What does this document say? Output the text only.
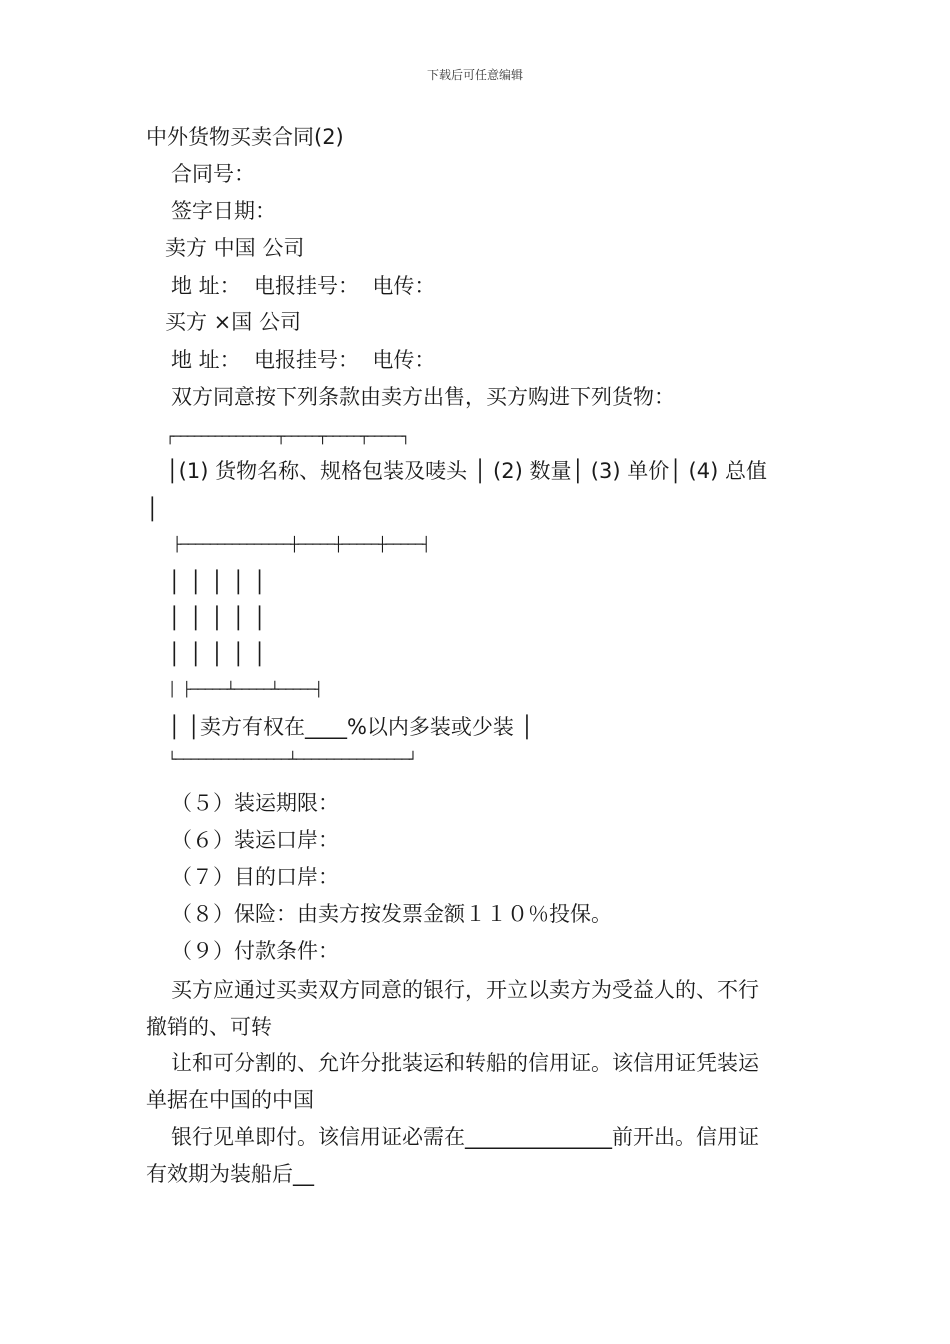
下载后可任意编辑
中外货物买卖合同(2)
合同号：
签字日期：
卖方 中国 公司
地 址：  电报挂号：  电传：
买方 ×国 公司
地 址：  电报挂号：  电传：
双方同意按下列条款由卖方出售，买方购进下列货物：
┌───────────────┬─────┬─────┬─────┐
│(1) 货物名称、规格包装及唛头 │ (2) 数量│ (3) 单价│ (4) 总值
│
├───────────────┼─────┼─────┼─────┤
│ │ │ │ │
│ │ │ │ │
│ │ │ │ │
│ ├─────┴─────┴─────┤
│ │卖方有权在____%以内多装或少装 │
└───────────────┴───────────────┘
（５）装运期限：
（６）装运口岸：
（７）目的口岸：
（８）保险：由卖方按发票金额１１０％投保。
（９）付款条件：
买方应通过买卖双方同意的银行，开立以卖方为受益人的、不行
撤销的、可转
让和可分割的、允许分批装运和转船的信用证。该信用证凭装运
单据在中国的中国
银行见单即付。该信用证必需在______________前开出。信用证
有效期为装船后__
